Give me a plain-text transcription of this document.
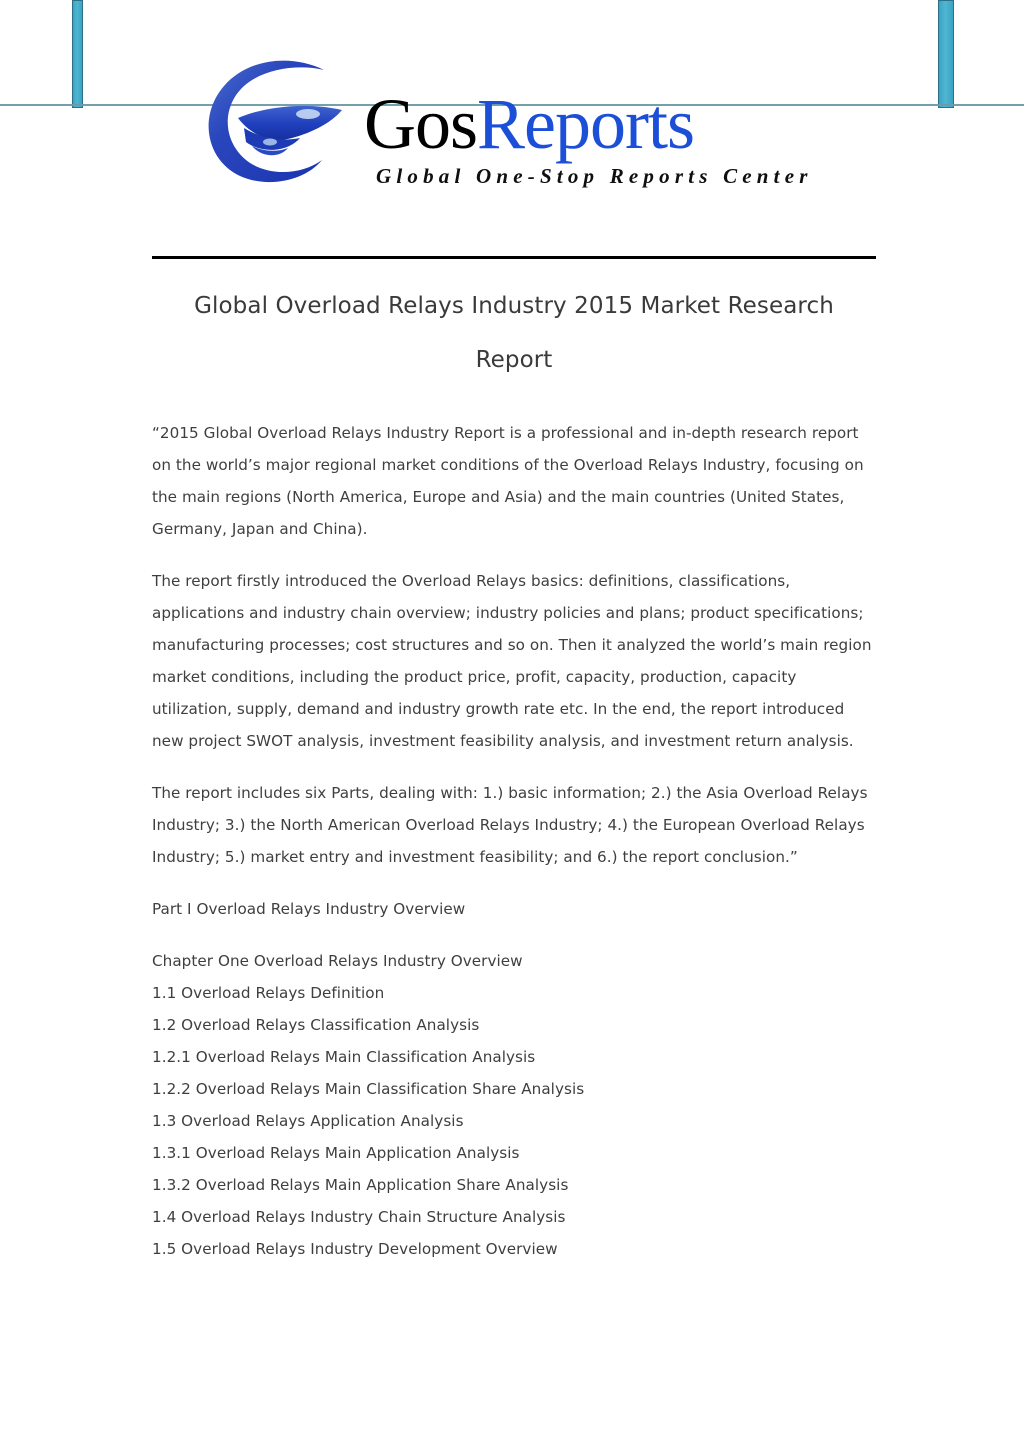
GosReports
Global One-Stop Reports Center
Global Overload Relays Industry 2015 Market Research Report

“2015 Global Overload Relays Industry Report is a professional and in-depth research report on the world’s major regional market conditions of the Overload Relays Industry, focusing on the main regions (North America, Europe and Asia) and the main countries (United States, Germany, Japan and China).

The report firstly introduced the Overload Relays basics: definitions, classifications, applications and industry chain overview; industry policies and plans; product specifications; manufacturing processes; cost structures and so on. Then it analyzed the world’s main region market conditions, including the product price, profit, capacity, production, capacity utilization, supply, demand and industry growth rate etc. In the end, the report introduced new project SWOT analysis, investment feasibility analysis, and investment return analysis.

The report includes six Parts, dealing with: 1.) basic information; 2.) the Asia Overload Relays Industry; 3.) the North American Overload Relays Industry; 4.) the European Overload Relays Industry; 5.) market entry and investment feasibility; and 6.) the report conclusion.”

Part I Overload Relays Industry Overview

Chapter One Overload Relays Industry Overview
1.1 Overload Relays Definition
1.2 Overload Relays Classification Analysis
1.2.1 Overload Relays Main Classification Analysis
1.2.2 Overload Relays Main Classification Share Analysis
1.3 Overload Relays Application Analysis
1.3.1 Overload Relays Main Application Analysis
1.3.2 Overload Relays Main Application Share Analysis
1.4 Overload Relays Industry Chain Structure Analysis
1.5 Overload Relays Industry Development Overview
